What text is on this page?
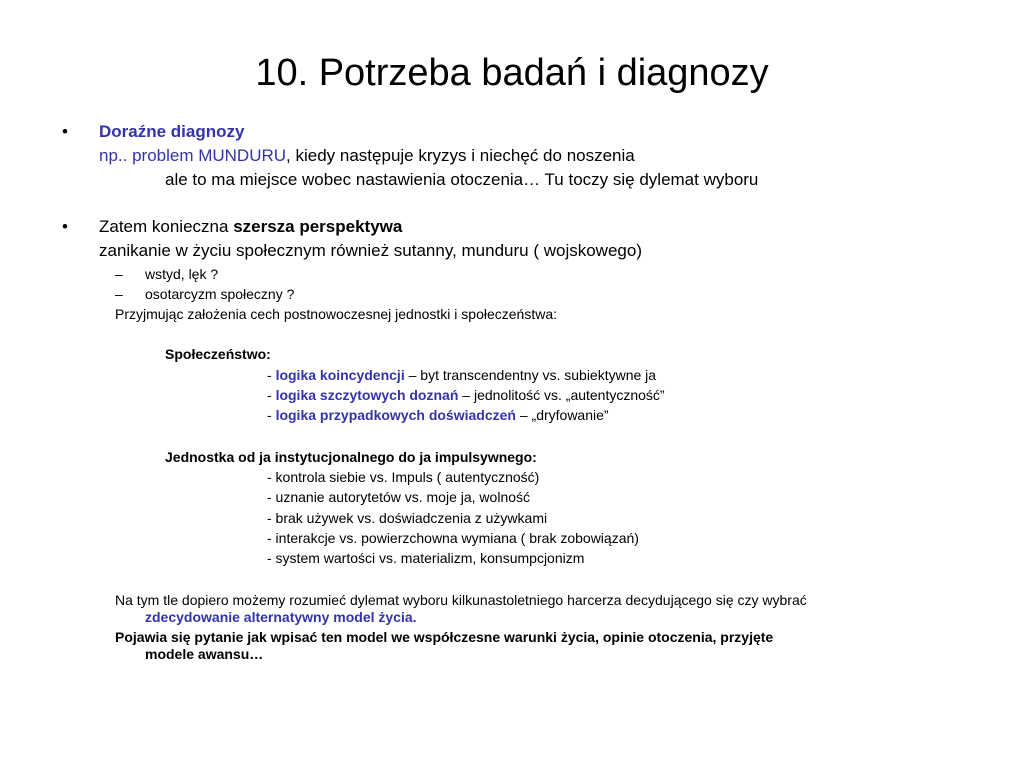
10. Potrzeba badań i diagnozy
• Doraźne diagnozy
np.. problem MUNDURU, kiedy następuje kryzys i niechęć do noszenia
ale to ma miejsce wobec nastawienia otoczenia… Tu toczy się dylemat wyboru
• Zatem konieczna szersza perspektywa
zanikanie w życiu społecznym również sutanny, munduru ( wojskowego)
– wstyd, lęk ?
– osotarcyzm społeczny ?
Przyjmując założenia cech postnowoczesnej jednostki i społeczeństwa:
Społeczeństwo:
- logika koincydencji – byt transcendentny vs. subiektywne ja
- logika szczytowych doznań – jednolitość vs. „autentyczność”
- logika przypadkowych doświadczeń – „dryfowanie”
Jednostka od ja instytucjonalnego do ja impulsywnego:
- kontrola siebie vs. Impuls ( autentyczność)
- uznanie autorytetów vs. moje ja, wolność
- brak używek vs. doświadczenia z używkami
- interakcje vs. powierzchowna wymiana ( brak zobowiązań)
- system wartości vs. materializm, konsumpcjonizm
Na tym tle dopiero możemy rozumieć dylemat wyboru kilkunastoletniego harcerza decydującego się czy wybrać
zdecydowanie alternatywny model życia.
Pojawia się pytanie jak wpisać ten model we współczesne warunki życia, opinie otoczenia, przyjęte
modele awansu…
